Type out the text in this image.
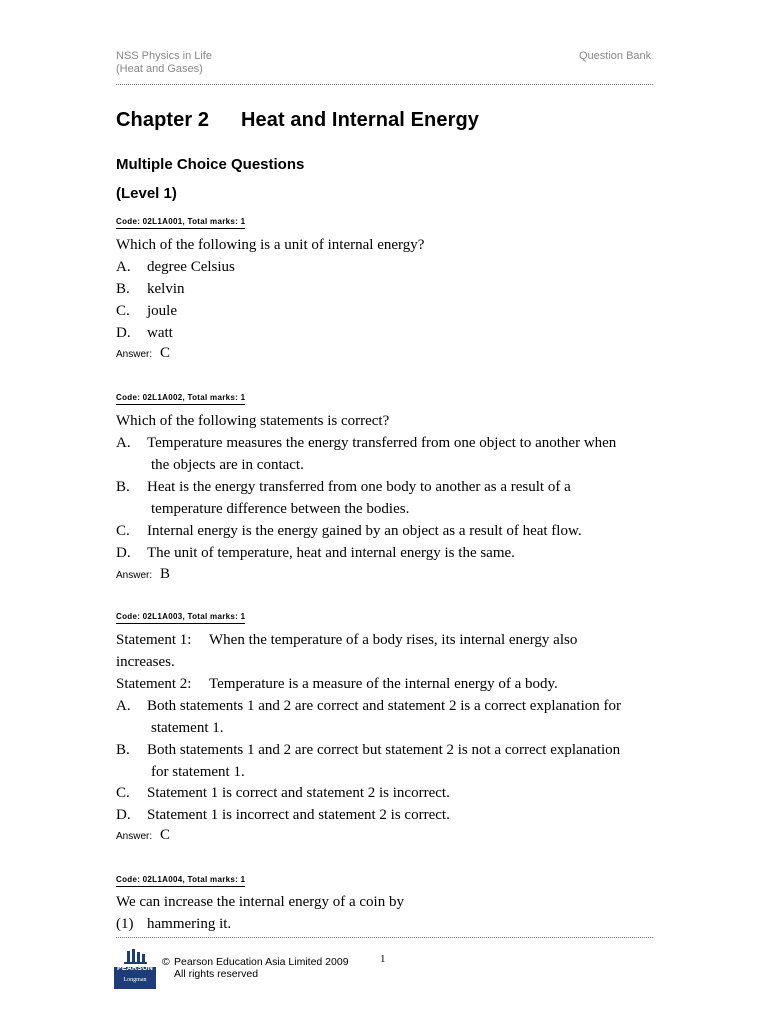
NSS Physics in Life
(Heat and Gases)
Question Bank
Chapter 2 Heat and Internal Energy
Multiple Choice Questions
(Level 1)
Code: 02L1A001, Total marks: 1
Which of the following is a unit of internal energy?
A. degree Celsius
B. kelvin
C. joule
D. watt
Answer: C
Code: 02L1A002, Total marks: 1
Which of the following statements is correct?
A. Temperature measures the energy transferred from one object to another when
the objects are in contact.
B. Heat is the energy transferred from one body to another as a result of a
temperature difference between the bodies.
C. Internal energy is the energy gained by an object as a result of heat flow.
D. The unit of temperature, heat and internal energy is the same.
Answer: B
Code: 02L1A003, Total marks: 1
Statement 1: When the temperature of a body rises, its internal energy also
increases.
Statement 2: Temperature is a measure of the internal energy of a body.
A. Both statements 1 and 2 are correct and statement 2 is a correct explanation for
statement 1.
B. Both statements 1 and 2 are correct but statement 2 is not a correct explanation
for statement 1.
C. Statement 1 is correct and statement 2 is incorrect.
D. Statement 1 is incorrect and statement 2 is correct.
Answer: C
Code: 02L1A004, Total marks: 1
We can increase the internal energy of a coin by
(1) hammering it.
PEARSON
Longman
1
© Pearson Education Asia Limited 2009
All rights reserved
